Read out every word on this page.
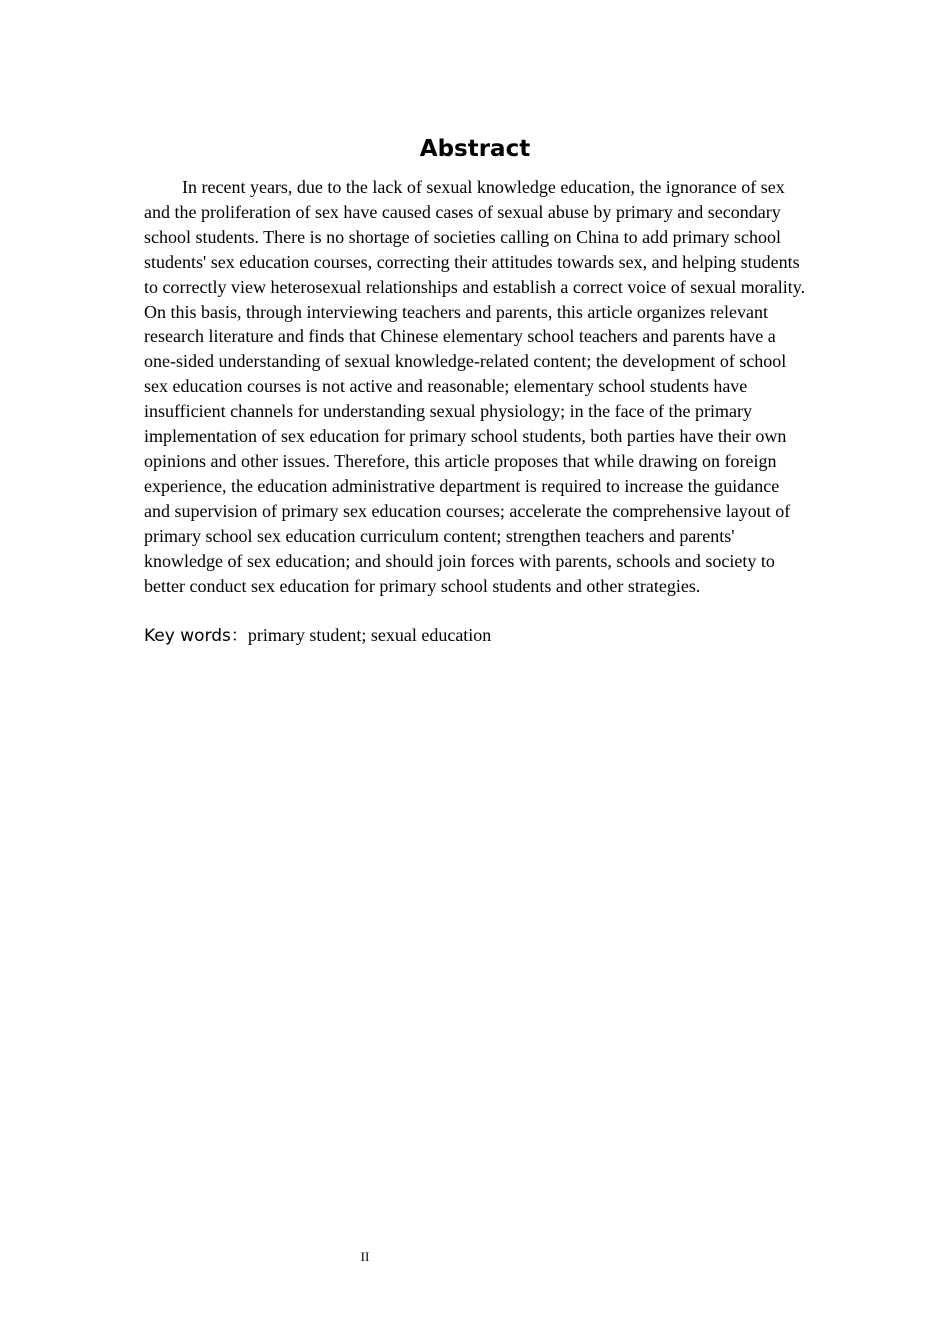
Abstract

In recent years, due to the lack of sexual knowledge education, the ignorance of sex and the proliferation of sex have caused cases of sexual abuse by primary and secondary school students. There is no shortage of societies calling on China to add primary school students' sex education courses, correcting their attitudes towards sex, and helping students to correctly view heterosexual relationships and establish a correct voice of sexual morality. On this basis, through interviewing teachers and parents, this article organizes relevant research literature and finds that Chinese elementary school teachers and parents have a one-sided understanding of sexual knowledge-related content; the development of school sex education courses is not active and reasonable; elementary school students have insufficient channels for understanding sexual physiology; in the face of the primary implementation of sex education for primary school students, both parties have their own opinions and other issues. Therefore, this article proposes that while drawing on foreign experience, the education administrative department is required to increase the guidance and supervision of primary sex education courses; accelerate the comprehensive layout of primary school sex education curriculum content; strengthen teachers and parents' knowledge of sex education; and should join forces with parents, schools and society to better conduct sex education for primary school students and other strategies.

Key words：primary student; sexual education

II
